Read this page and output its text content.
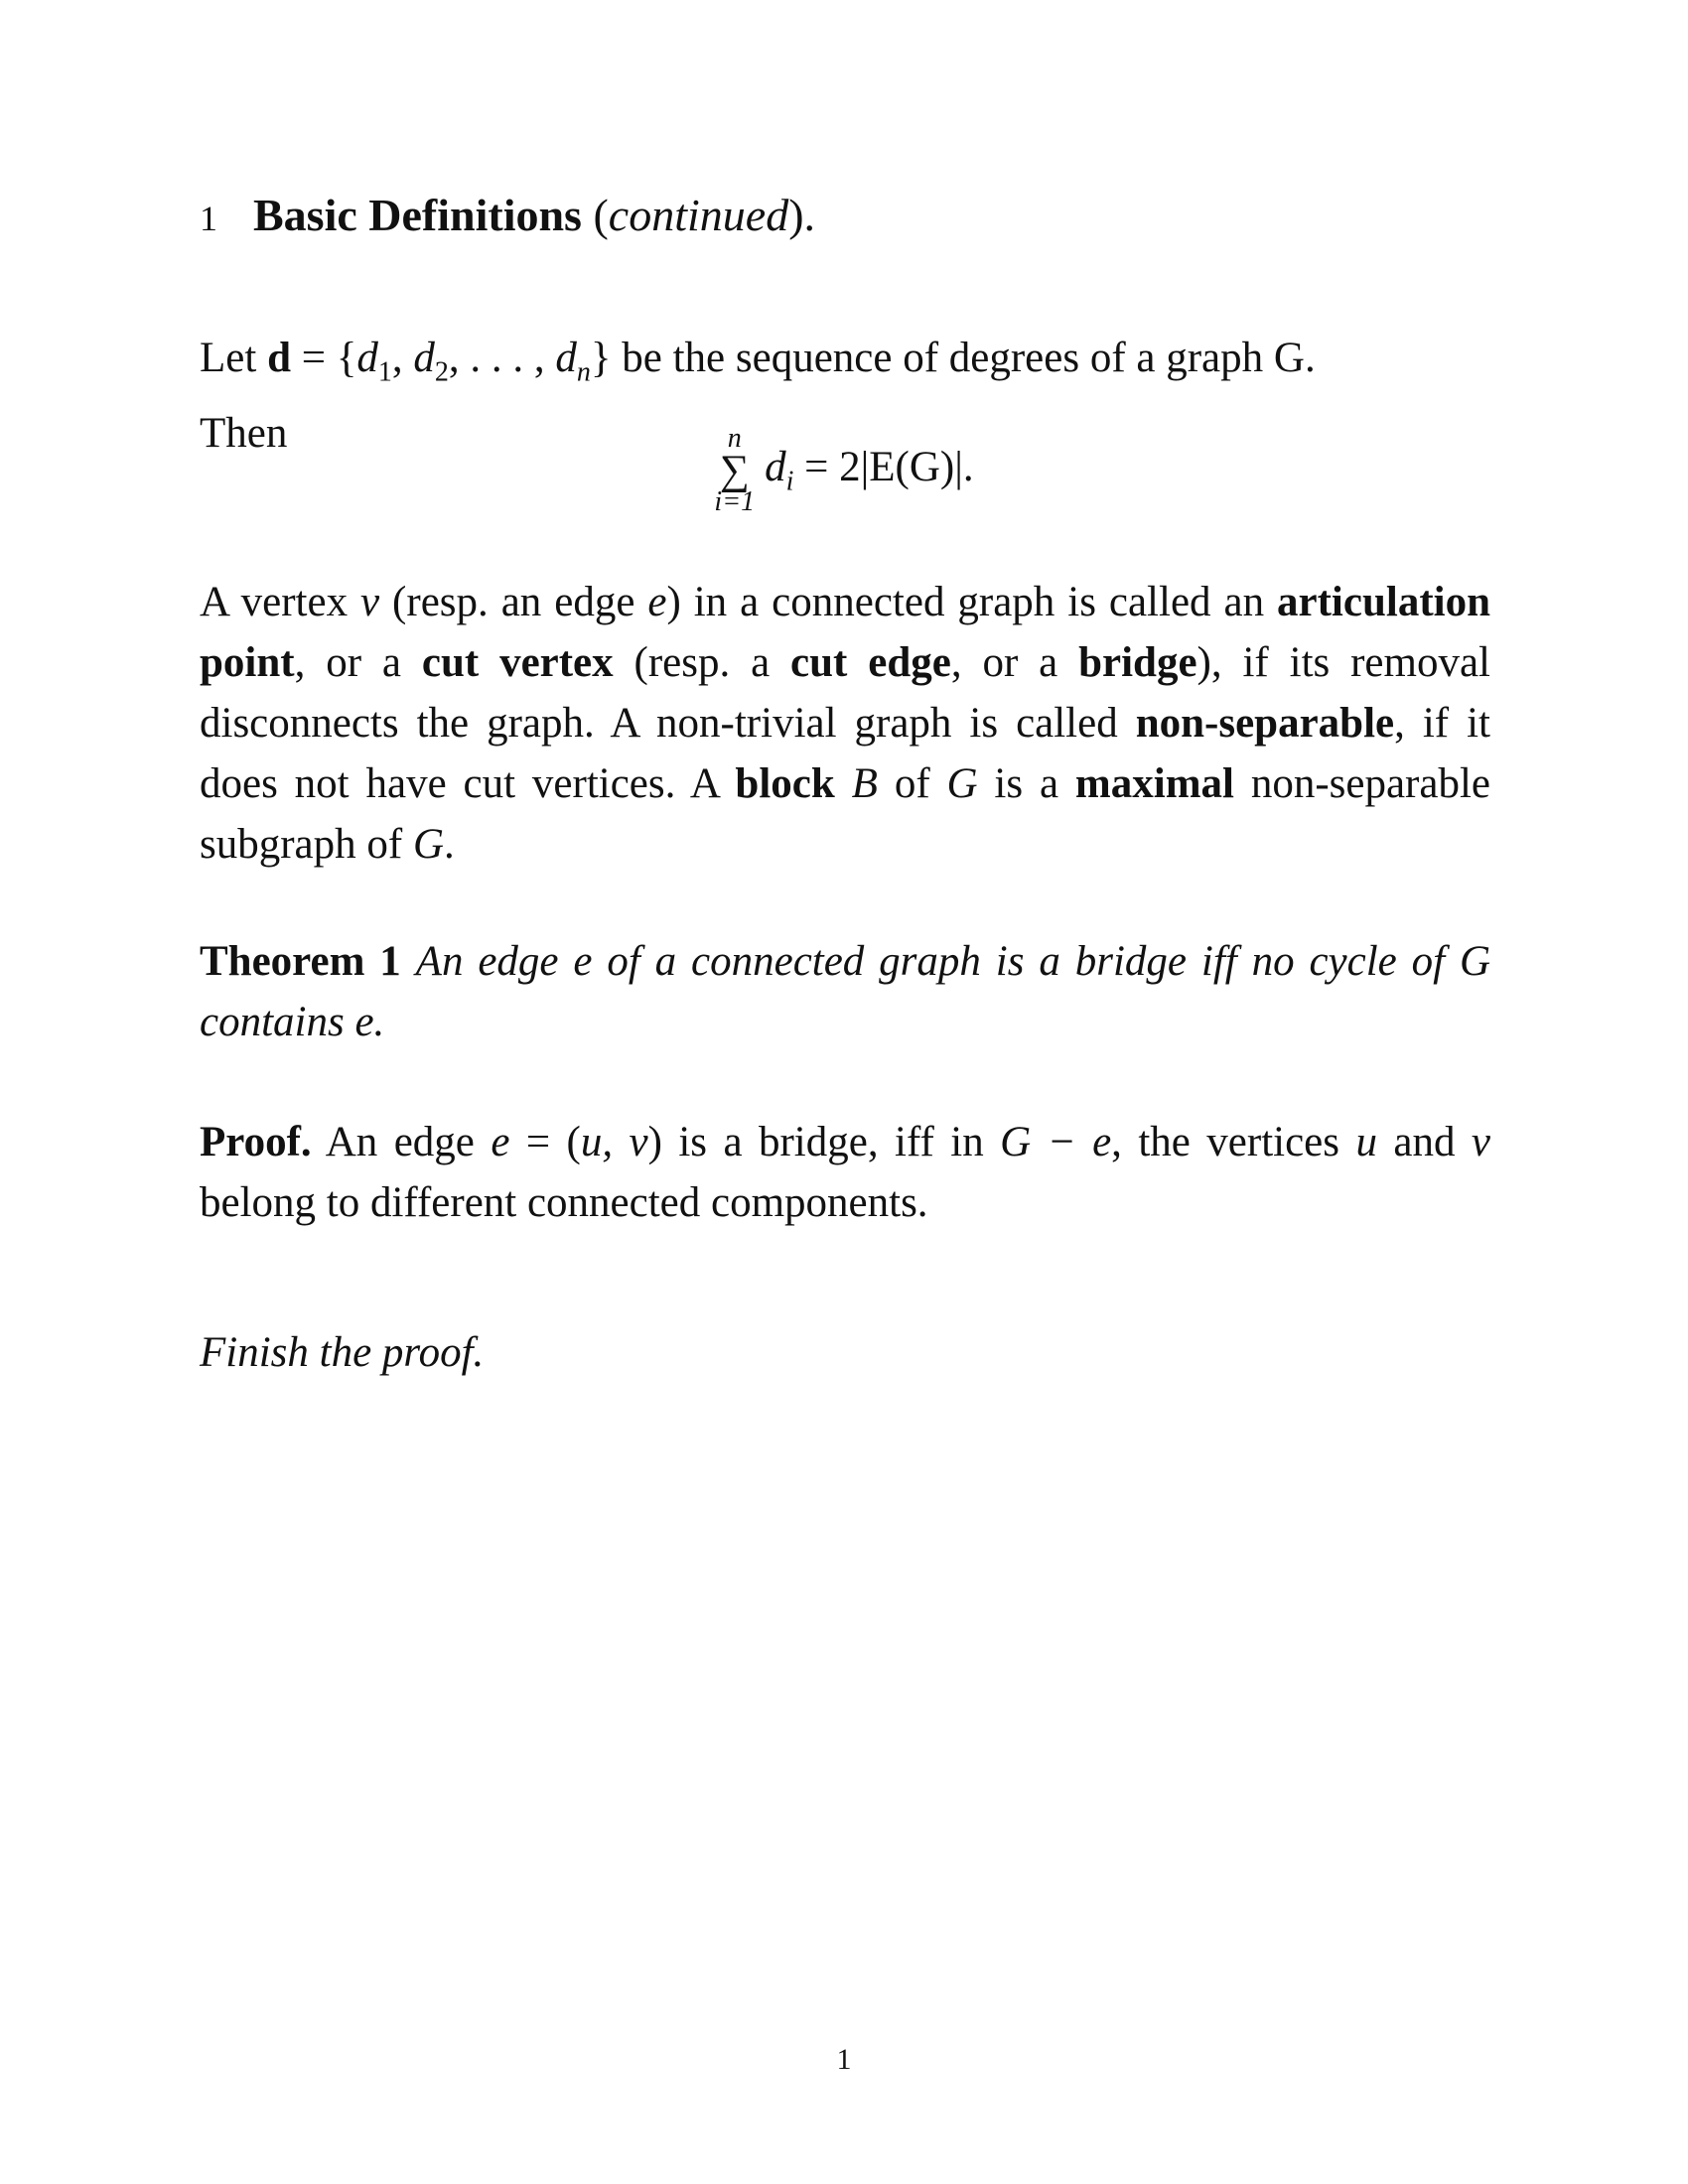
1 Basic Definitions (continued).
Let $d = \{d_1$, $d_2$, . . . , $d_n$} be the sequence of degrees of a graph G.
Then	n
∑
i=1
$d_i = 2|E(G)|$.
A vertex v (resp. an edge e) in a connected graph is called an articulation point, or a cut vertex (resp. a cut edge, or a bridge), if its removal disconnects the graph. A non-trivial graph is called non-separable, if it does not have cut vertices. A block B of G is a maximal non-separable subgraph of G.
Theorem 1 An edge e of a connected graph is a bridge iff no cycle of G contains e.
Proof. An edge e = (u, v) is a bridge, iff in G − e, the vertices u and v belong to different connected components.
Finish the proof.
1
